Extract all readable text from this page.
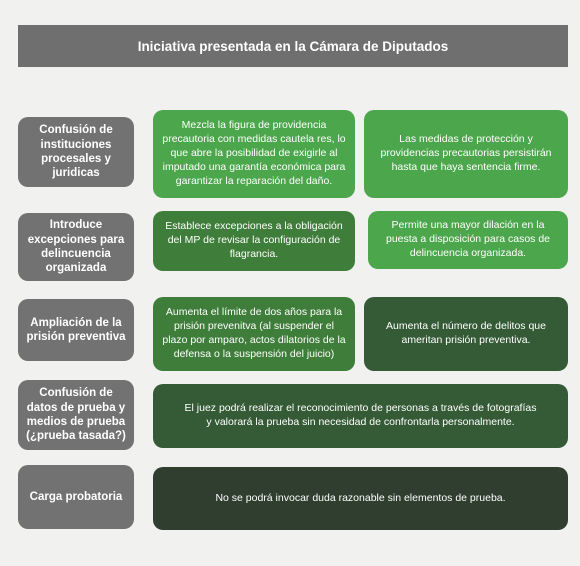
Iniciativa presentada en la Cámara de Diputados
Confusión de instituciones procesales y juridicas
Mezcla la figura de providencia precautoria con medidas cautela res, lo que abre la posibilidad de exigirle al imputado una garantía económica para garantizar la reparación del daño.
Las medidas de protección y providencias precautorias persistirán hasta que haya sentencia firme.
Introduce excepciones para delincuencia organizada
Establece excepciones a la obligación del MP de revisar la configuración de flagrancia.
Permite una mayor dilación en la puesta a disposición para casos de delincuencia organizada.
Ampliación de la prisión preventiva
Aumenta el límite de dos años para la prisión prevenitva (al suspender el plazo por amparo, actos dilatorios de la defensa o la suspensión del juicio)
Aumenta el número de delitos que ameritan prisión preventiva.
Confusión de datos de prueba y medios de prueba (¿prueba tasada?)
El juez podrá realizar el reconocimiento de personas a través de fotografías y valorará la prueba sin necesidad de confrontarla personalmente.
Carga probatoria	No se podrá invocar duda razonable sin elementos de prueba.
